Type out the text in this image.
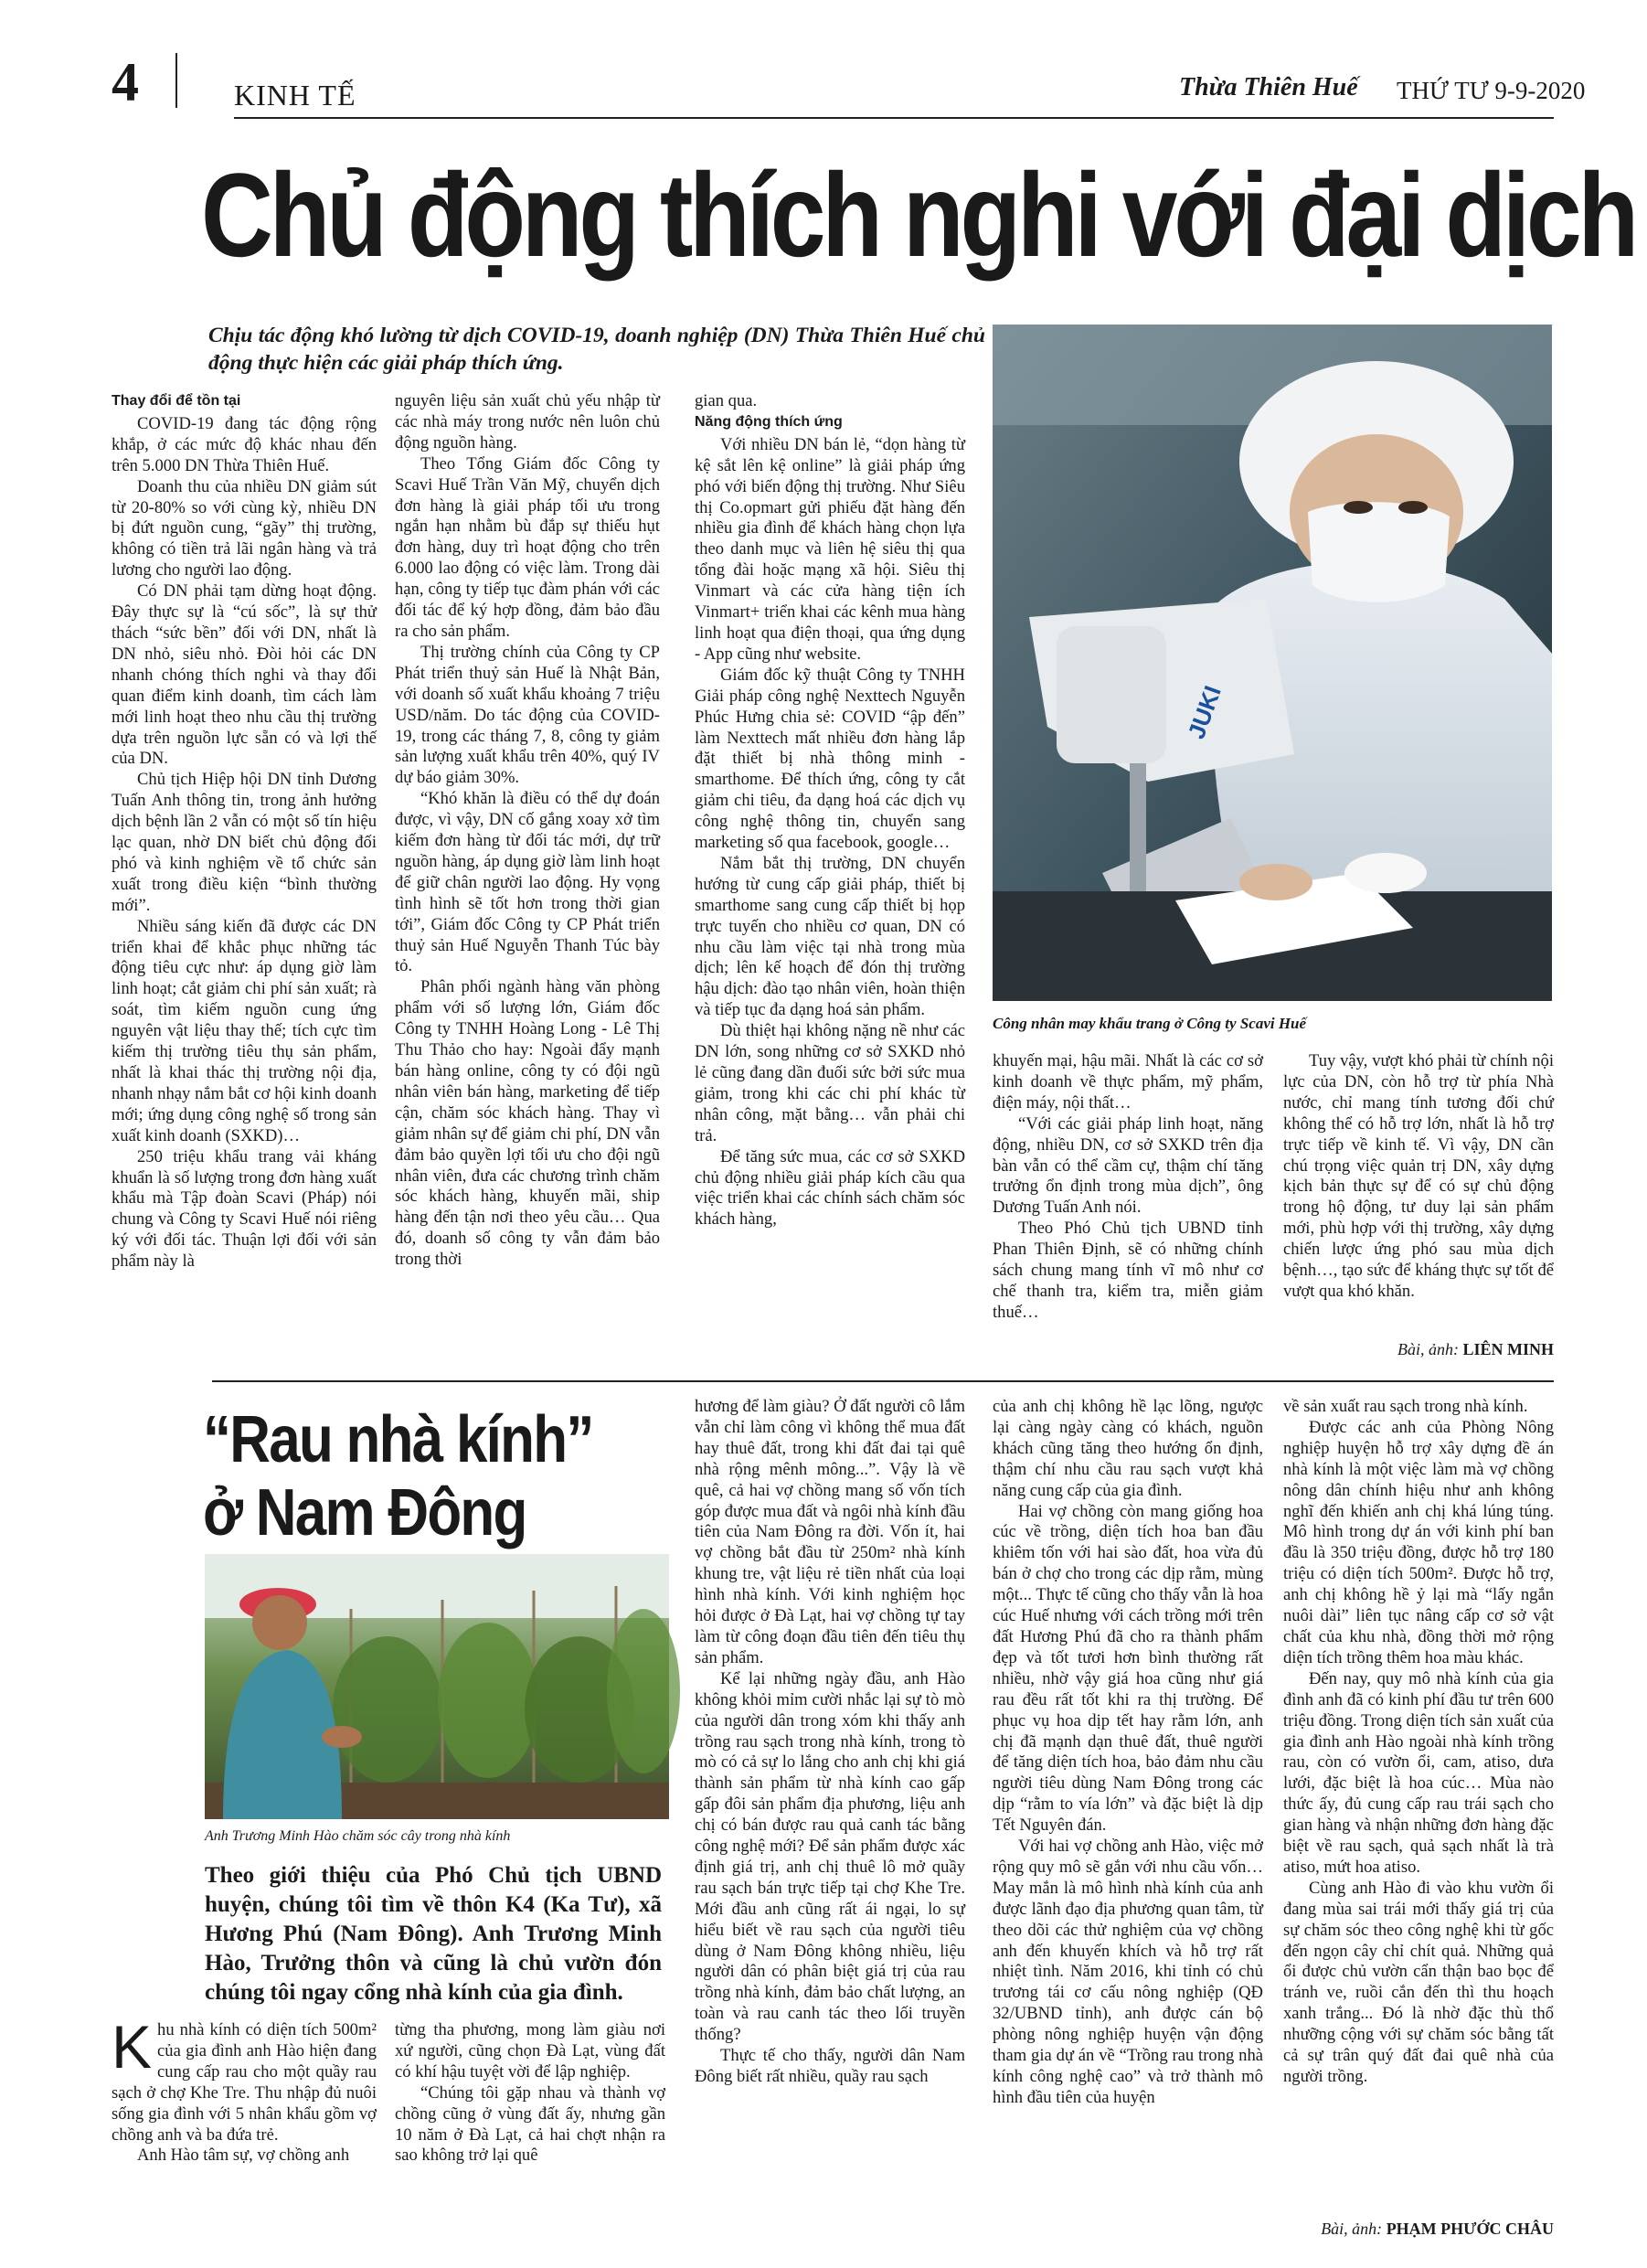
4	KINH TẾ	Thừa Thiên Huế THỨ TƯ 9-9-2020
Chủ động thích nghi với đại dịch
Chịu tác động khó lường từ dịch COVID-19, doanh nghiệp (DN) Thừa Thiên Huế chủ động thực hiện các giải pháp thích ứng.
Thay đổi để tồn tại

COVID-19 đang tác động rộng khắp, ở các mức độ khác nhau đến trên 5.000 DN Thừa Thiên Huế.

Doanh thu của nhiều DN giảm sút từ 20-80% so với cùng kỳ, nhiều DN bị đứt nguồn cung, “gãy” thị trường, không có tiền trả lãi ngân hàng và trả lương cho người lao động.

Có DN phải tạm dừng hoạt động. Đây thực sự là “cú sốc”, là sự thử thách “sức bền” đối với DN, nhất là DN nhỏ, siêu nhỏ. Đòi hỏi các DN nhanh chóng thích nghi và thay đổi quan điểm kinh doanh, tìm cách làm mới linh hoạt theo nhu cầu thị trường dựa trên nguồn lực sẵn có và lợi thế của DN.

Chủ tịch Hiệp hội DN tỉnh Dương Tuấn Anh thông tin, trong ảnh hưởng dịch bệnh lần 2 vẫn có một số tín hiệu lạc quan, nhờ DN biết chủ động đối phó và kinh nghiệm về tổ chức sản xuất trong điều kiện “bình thường mới”.

Nhiều sáng kiến đã được các DN triển khai để khắc phục những tác động tiêu cực như: áp dụng giờ làm linh hoạt; cắt giảm chi phí sản xuất; rà soát, tìm kiếm nguồn cung ứng nguyên vật liệu thay thế; tích cực tìm kiếm thị trường tiêu thụ sản phẩm, nhất là khai thác thị trường nội địa, nhanh nhạy nắm bắt cơ hội kinh doanh mới; ứng dụng công nghệ số trong sản xuất kinh doanh (SXKD)…

250 triệu khẩu trang vải kháng khuẩn là số lượng trong đơn hàng xuất khẩu mà Tập đoàn Scavi (Pháp) nói chung và Công ty Scavi Huế nói riêng ký với đối tác. Thuận lợi đối với sản phẩm này là

nguyên liệu sản xuất chủ yếu nhập từ các nhà máy trong nước nên luôn chủ động nguồn hàng.

Theo Tổng Giám đốc Công ty Scavi Huế Trần Văn Mỹ, chuyển dịch đơn hàng là giải pháp tối ưu trong ngắn hạn nhằm bù đắp sự thiếu hụt đơn hàng, duy trì hoạt động cho trên 6.000 lao động có việc làm. Trong dài hạn, công ty tiếp tục đàm phán với các đối tác để ký hợp đồng, đảm bảo đầu ra cho sản phẩm.

Thị trường chính của Công ty CP Phát triển thuỷ sản Huế là Nhật Bản, với doanh số xuất khẩu khoảng 7 triệu USD/năm. Do tác động của COVID-19, trong các tháng 7, 8, công ty giảm sản lượng xuất khẩu trên 40%, quý IV dự báo giảm 30%.

“Khó khăn là điều có thể dự đoán được, vì vậy, DN cố gắng xoay xở tìm kiếm đơn hàng từ đối tác mới, dự trữ nguồn hàng, áp dụng giờ làm linh hoạt để giữ chân người lao động. Hy vọng tình hình sẽ tốt hơn trong thời gian tới”, Giám đốc Công ty CP Phát triển thuỷ sản Huế Nguyễn Thanh Túc bày tỏ.

Phân phối ngành hàng văn phòng phẩm với số lượng lớn, Giám đốc Công ty TNHH Hoàng Long - Lê Thị Thu Thảo cho hay: Ngoài đẩy mạnh bán hàng online, công ty có đội ngũ nhân viên bán hàng, marketing để tiếp cận, chăm sóc khách hàng. Thay vì giảm nhân sự để giảm chi phí, DN vẫn đảm bảo quyền lợi tối ưu cho đội ngũ nhân viên, đưa các chương trình chăm sóc khách hàng, khuyến mãi, ship hàng đến tận nơi theo yêu cầu… Qua đó, doanh số công ty vẫn đảm bảo trong thời

gian qua.

Năng động thích ứng

Với nhiều DN bán lẻ, “dọn hàng từ kệ sắt lên kệ online” là giải pháp ứng phó với biến động thị trường. Như Siêu thị Co.opmart gửi phiếu đặt hàng đến nhiều gia đình để khách hàng chọn lựa theo danh mục và liên hệ siêu thị qua tổng đài hoặc mạng xã hội. Siêu thị Vinmart và các cửa hàng tiện ích Vinmart+ triển khai các kênh mua hàng linh hoạt qua điện thoại, qua ứng dụng - App cũng như website.

Giám đốc kỹ thuật Công ty TNHH Giải pháp công nghệ Nexttech Nguyễn Phúc Hưng chia sẻ: COVID “ập đến” làm Nexttech mất nhiều đơn hàng lắp đặt thiết bị nhà thông minh - smarthome. Để thích ứng, công ty cắt giảm chi tiêu, đa dạng hoá các dịch vụ công nghệ thông tin, chuyển sang marketing số qua facebook, google…

Nắm bắt thị trường, DN chuyển hướng từ cung cấp giải pháp, thiết bị smarthome sang cung cấp thiết bị họp trực tuyến cho nhiều cơ quan, DN có nhu cầu làm việc tại nhà trong mùa dịch; lên kế hoạch để đón thị trường hậu dịch: đào tạo nhân viên, hoàn thiện và tiếp tục đa dạng hoá sản phẩm.

Dù thiệt hại không nặng nề như các DN lớn, song những cơ sở SXKD nhỏ lẻ cũng đang dần đuối sức bởi sức mua giảm, trong khi các chi phí khác từ nhân công, mặt bằng… vẫn phải chi trả.

Để tăng sức mua, các cơ sở SXKD chủ động nhiều giải pháp kích cầu qua việc triển khai các chính sách chăm sóc khách hàng,

JUKI
Công nhân may khẩu trang ở Công ty Scavi Huế

khuyến mại, hậu mãi. Nhất là các cơ sở kinh doanh về thực phẩm, mỹ phẩm, điện máy, nội thất…

“Với các giải pháp linh hoạt, năng động, nhiều DN, cơ sở SXKD trên địa bàn vẫn có thể cầm cự, thậm chí tăng trưởng ổn định trong mùa dịch”, ông Dương Tuấn Anh nói.

Theo Phó Chủ tịch UBND tỉnh Phan Thiên Định, sẽ có những chính sách chung mang tính vĩ mô như cơ chế thanh tra, kiểm tra, miễn giảm thuế…

Tuy vậy, vượt khó phải từ chính nội lực của DN, còn hỗ trợ từ phía Nhà nước, chỉ mang tính tương đối chứ không thể có hỗ trợ lớn, nhất là hỗ trợ trực tiếp về kinh tế. Vì vậy, DN cần chú trọng việc quản trị DN, xây dựng kịch bản thực sự để có sự chủ động trong hộ động, tư duy lại sản phẩm mới, phù hợp với thị trường, xây dựng chiến lược ứng phó sau mùa dịch bệnh…, tạo sức để kháng thực sự tốt để vượt qua khó khăn.

Bài, ảnh: LIÊN MINH
“Rau nhà kính”
ở Nam Đông
Anh Trương Minh Hào chăm sóc cây trong nhà kính
Theo giới thiệu của Phó Chủ tịch UBND huyện, chúng tôi tìm về thôn K4 (Ka Tư), xã Hương Phú (Nam Đông). Anh Trương Minh Hào, Trưởng thôn và cũng là chủ vườn đón chúng tôi ngay cổng nhà kính của gia đình.

Khu nhà kính có diện tích 500m² của gia đình anh Hào hiện đang cung cấp rau cho một quầy rau sạch ở chợ Khe Tre. Thu nhập đủ nuôi sống gia đình với 5 nhân khẩu gồm vợ chồng anh và ba đứa trẻ.

Anh Hào tâm sự, vợ chồng anh

từng tha phương, mong làm giàu nơi xứ người, cũng chọn Đà Lạt, vùng đất có khí hậu tuyệt vời để lập nghiệp.

“Chúng tôi gặp nhau và thành vợ chồng cũng ở vùng đất ấy, nhưng gần 10 năm ở Đà Lạt, cả hai chợt nhận ra sao không trở lại quê

hương để làm giàu? Ở đất người cô lắm vẫn chỉ làm công vì không thể mua đất hay thuê đất, trong khi đất đai tại quê nhà rộng mênh mông...”. Vậy là về quê, cả hai vợ chồng mang số vốn tích góp được mua đất và ngôi nhà kính đầu tiên của Nam Đông ra đời. Vốn ít, hai vợ chồng bắt đầu từ 250m² nhà kính khung tre, vật liệu rẻ tiền nhất của loại hình nhà kính. Với kinh nghiệm học hỏi được ở Đà Lạt, hai vợ chồng tự tay làm từ công đoạn đầu tiên đến tiêu thụ sản phẩm.

Kể lại những ngày đầu, anh Hào không khỏi mỉm cười nhắc lại sự tò mò của người dân trong xóm khi thấy anh trồng rau sạch trong nhà kính, trong tò mò có cả sự lo lắng cho anh chị khi giá thành sản phẩm từ nhà kính cao gấp gấp đôi sản phẩm địa phương, liệu anh chị có bán được rau quả canh tác bằng công nghệ mới? Để sản phẩm được xác định giá trị, anh chị thuê lô mở quầy rau sạch bán trực tiếp tại chợ Khe Tre. Mới đầu anh cũng rất ái ngại, lo sự hiểu biết về rau sạch của người tiêu dùng ở Nam Đông không nhiều, liệu người dân có phân biệt giá trị của rau trồng nhà kính, đảm bảo chất lượng, an toàn và rau canh tác theo lối truyền thống?

Thực tế cho thấy, người dân Nam Đông biết rất nhiều, quầy rau sạch

của anh chị không hề lạc lõng, ngược lại càng ngày càng có khách, nguồn khách cũng tăng theo hướng ổn định, thậm chí nhu cầu rau sạch vượt khả năng cung cấp của gia đình.

Hai vợ chồng còn mang giống hoa cúc về trồng, diện tích hoa ban đầu khiêm tốn với hai sào đất, hoa vừa đủ bán ở chợ cho trong các dịp rằm, mùng một... Thực tế cũng cho thấy vẫn là hoa cúc Huế nhưng với cách trồng mới trên đất Hương Phú đã cho ra thành phẩm đẹp và tốt tươi hơn bình thường rất nhiều, nhờ vậy giá hoa cũng như giá rau đều rất tốt khi ra thị trường. Để phục vụ hoa dịp tết hay rằm lớn, anh chị đã mạnh dạn thuê đất, thuê người để tăng diện tích hoa, bảo đảm nhu cầu người tiêu dùng Nam Đông trong các dịp “rằm to vía lớn” và đặc biệt là dịp Tết Nguyên đán.

Với hai vợ chồng anh Hào, việc mở rộng quy mô sẽ gắn với nhu cầu vốn… May mắn là mô hình nhà kính của anh được lãnh đạo địa phương quan tâm, từ theo dõi các thử nghiệm của vợ chồng anh đến khuyến khích và hỗ trợ rất nhiệt tình. Năm 2016, khi tỉnh có chủ trương tái cơ cấu nông nghiệp (QĐ 32/UBND tỉnh), anh được cán bộ phòng nông nghiệp huyện vận động tham gia dự án về “Trồng rau trong nhà kính công nghệ cao” và trở thành mô hình đầu tiên của huyện

về sản xuất rau sạch trong nhà kính.

Được các anh của Phòng Nông nghiệp huyện hỗ trợ xây dựng đề án nhà kính là một việc làm mà vợ chồng nông dân chính hiệu như anh không nghĩ đến khiến anh chị khá lúng túng. Mô hình trong dự án với kinh phí ban đầu là 350 triệu đồng, được hỗ trợ 180 triệu có diện tích 500m². Được hỗ trợ, anh chị không hề ỷ lại mà “lấy ngắn nuôi dài” liên tục nâng cấp cơ sở vật chất của khu nhà, đồng thời mở rộng diện tích trồng thêm hoa màu khác.

Đến nay, quy mô nhà kính của gia đình anh đã có kinh phí đầu tư trên 600 triệu đồng. Trong diện tích sản xuất của gia đình anh Hào ngoài nhà kính trồng rau, còn có vườn ổi, cam, atiso, dưa lưới, đặc biệt là hoa cúc… Mùa nào thức ấy, đủ cung cấp rau trái sạch cho gian hàng và nhận những đơn hàng đặc biệt về rau sạch, quả sạch nhất là trà atiso, mứt hoa atiso.

Cùng anh Hào đi vào khu vườn ổi đang mùa sai trái mới thấy giá trị của sự chăm sóc theo công nghệ khi từ gốc đến ngọn cây chỉ chít quả. Những quả ổi được chủ vườn cẩn thận bao bọc để tránh ve, ruồi cắn đến thì thu hoạch xanh trắng... Đó là nhờ đặc thù thổ nhưỡng cộng với sự chăm sóc bằng tất cả sự trân quý đất đai quê nhà của người trồng.

Bài, ảnh: PHẠM PHƯỚC CHÂU
